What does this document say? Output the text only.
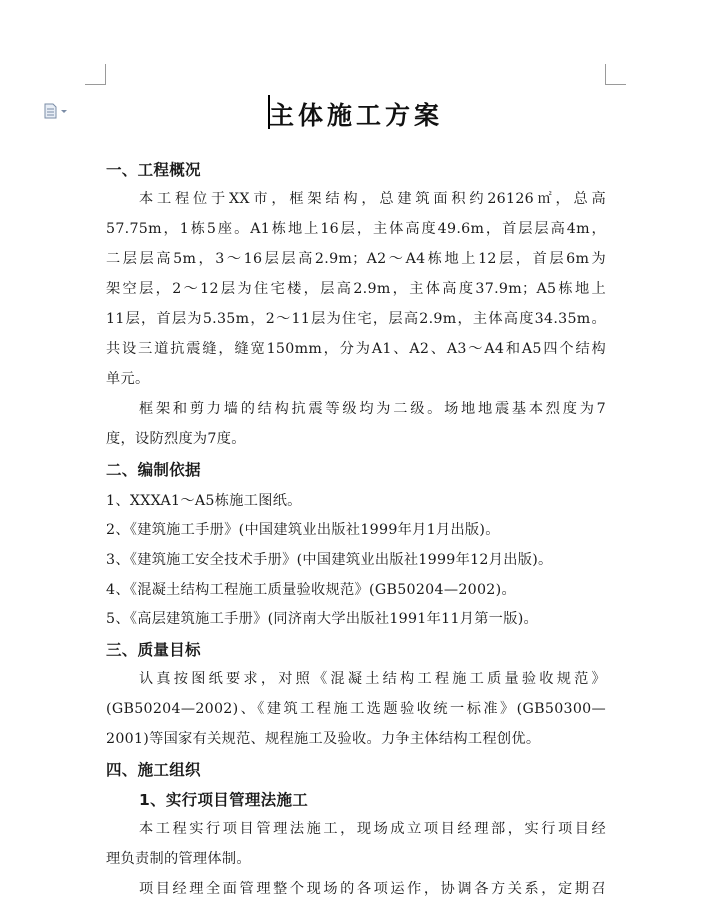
主体施工方案
一、工程概况
本工程位于XX市，框架结构，总建筑面积约26126㎡，总高
57.75m，1栋5座。A1栋地上16层，主体高度49.6m，首层层高4m，
二层层高5m，3～16层层高2.9m；A2～A4栋地上12层，首层6m为
架空层，2～12层为住宅楼，层高2.9m，主体高度37.9m；A5栋地上
11层，首层为5.35m，2～11层为住宅，层高2.9m，主体高度34.35m。
共设三道抗震缝，缝宽150mm，分为A1、A2、A3～A4和A5四个结构
单元。
框架和剪力墙的结构抗震等级均为二级。场地地震基本烈度为7
度，设防烈度为7度。
二、编制依据
1、XXXA1～A5栋施工图纸。
2、《建筑施工手册》(中国建筑业出版社1999年月1月出版)。
3、《建筑施工安全技术手册》(中国建筑业出版社1999年12月出版)。
4、《混凝土结构工程施工质量验收规范》(GB50204—2002)。
5、《高层建筑施工手册》(同济南大学出版社1991年11月第一版)。
三、质量目标
认真按图纸要求，对照《混凝土结构工程施工质量验收规范》
(GB50204—2002)、《建筑工程施工选题验收统一标准》(GB50300—
2001)等国家有关规范、规程施工及验收。力争主体结构工程创优。
四、施工组织
1、实行项目管理法施工
本工程实行项目管理法施工，现场成立项目经理部，实行项目经
理负责制的管理体制。
项目经理全面管理整个现场的各项运作，协调各方关系，定期召
